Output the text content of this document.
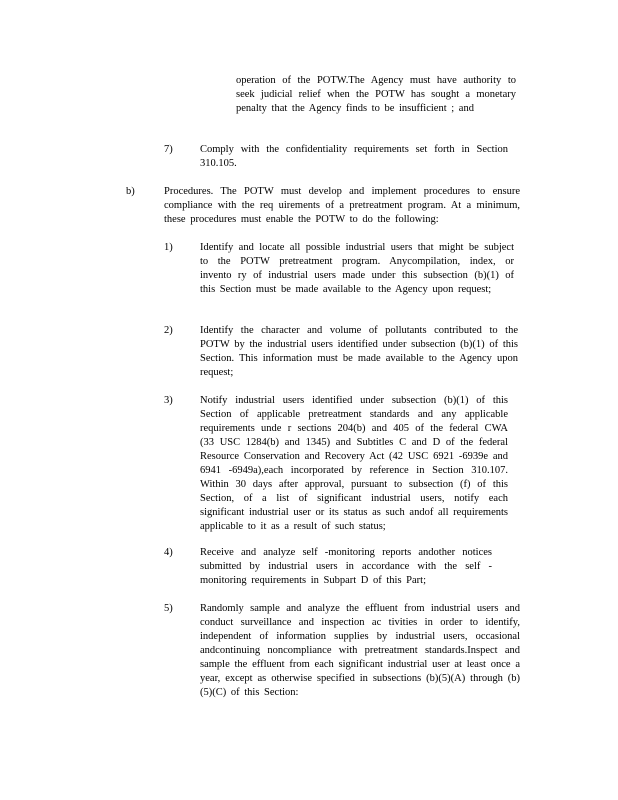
operation of the POTW.The Agency must have authority to seek judicial relief when the POTW has sought a monetary penalty that the Agency finds to be insufficient ; and
7)	Comply with the confidentiality requirements set forth in Section 310.105.
b)	Procedures. The POTW must develop and implement procedures to ensure compliance with the req uirements of a pretreatment program. At a minimum, these procedures must enable the POTW to do the following:
1)	Identify and locate all possible industrial users that might be subject to the POTW pretreatment program. Anycompilation, index, or invento ry of industrial users made under this subsection (b)(1) of this Section must be made available to the Agency upon request;
2)	Identify the character and volume of pollutants contributed to the POTW by the industrial users identified under subsection (b)(1) of this Section. This information must be made available to the Agency upon request;
3)	Notify industrial users identified under subsection (b)(1) of this Section of applicable pretreatment standards and any applicable requirements unde r sections 204(b) and 405 of the federal CWA (33 USC 1284(b) and 1345) and Subtitles C and D of the federal Resource Conservation and Recovery Act (42 USC 6921 -6939e and 6941 -6949a),each incorporated by reference in Section 310.107. Within 30 days after approval, pursuant to subsection (f) of this Section, of a list of significant industrial users, notify each significant industrial user or its status as such andof all requirements applicable to it as a result of such status;
4)	Receive and analyze self -monitoring reports andother notices submitted by industrial users in accordance with the self - monitoring requirements in Subpart D of this Part;
5)	Randomly sample and analyze the effluent from industrial users and conduct surveillance and inspection ac tivities in order to identify, independent of information supplies by industrial users, occasional andcontinuing noncompliance with pretreatment standards.Inspect and sample the effluent from each significant industrial user at least once a year, except as otherwise specified in subsections (b)(5)(A) through (b)(5)(C) of this Section:
